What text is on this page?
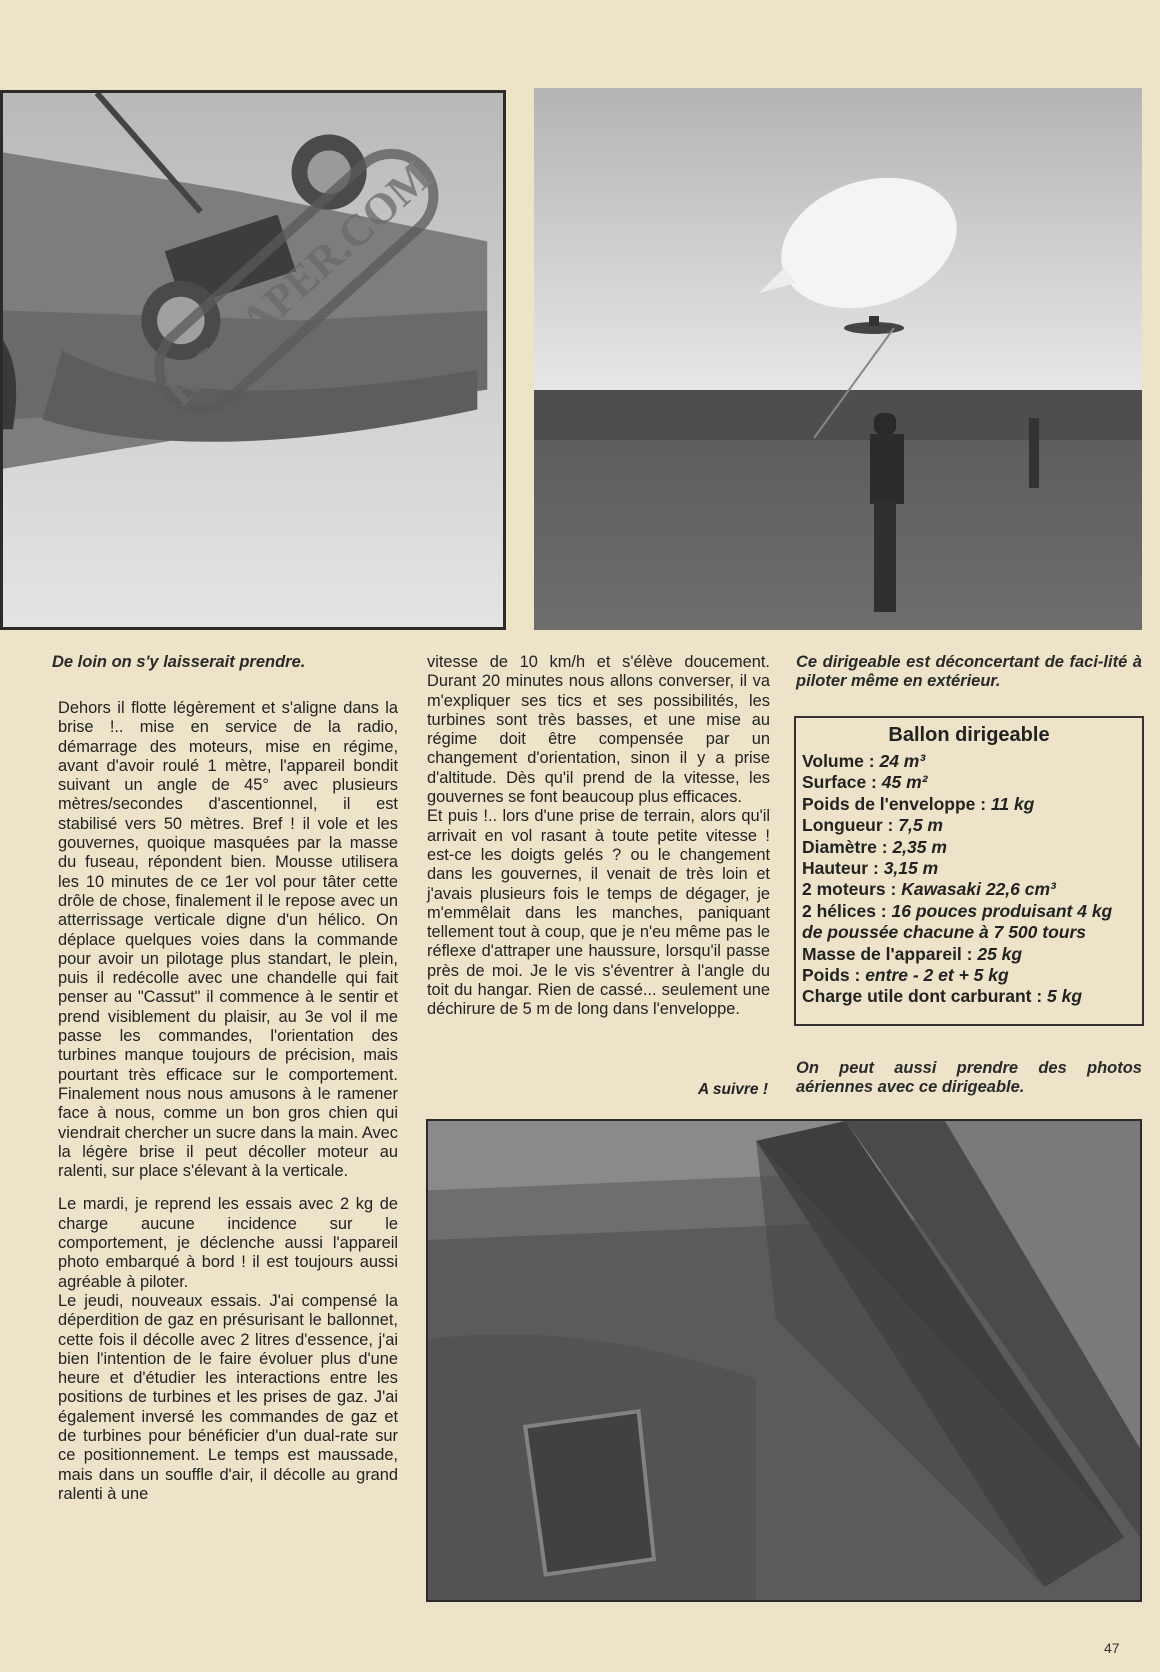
RC-PAPER.COM
De loin on s'y laisserait prendre.	Ce dirigeable est déconcertant de faci-lité à piloter même en extérieur.
On peut aussi prendre des photos aériennes avec ce dirigeable.

Dehors il flotte légèrement et s'aligne dans la brise !.. mise en service de la radio, démarrage des moteurs, mise en régime, avant d'avoir roulé 1 mètre, l'appareil bondit suivant un angle de 45° avec plusieurs mètres/secondes d'ascentionnel, il est stabilisé vers 50 mètres. Bref ! il vole et les gouvernes, quoique masquées par la masse du fuseau, répondent bien. Mousse utilisera les 10 minutes de ce 1er vol pour tâter cette drôle de chose, finalement il le repose avec un atterrissage verticale digne d'un hélico. On déplace quelques voies dans la commande pour avoir un pilotage plus standart, le plein, puis il redécolle avec une chandelle qui fait penser au "Cassut" il commence à le sentir et prend visiblement du plaisir, au 3e vol il me passe les commandes, l'orientation des turbines manque toujours de précision, mais pourtant très efficace sur le comportement. Finalement nous nous amusons à le ramener face à nous, comme un bon gros chien qui viendrait chercher un sucre dans la main. Avec la légère brise il peut décoller moteur au ralenti, sur place s'élevant à la verticale.

Le mardi, je reprend les essais avec 2 kg de charge aucune incidence sur le comportement, je déclenche aussi l'appareil photo embarqué à bord ! il est toujours aussi agréable à piloter.

Le jeudi, nouveaux essais. J'ai compensé la déperdition de gaz en présurisant le ballonnet, cette fois il décolle avec 2 litres d'essence, j'ai bien l'intention de le faire évoluer plus d'une heure et d'étudier les interactions entre les positions de turbines et les prises de gaz. J'ai également inversé les commandes de gaz et de turbines pour bénéficier d'un dual-rate sur ce positionnement. Le temps est maussade, mais dans un souffle d'air, il décolle au grand ralenti à une

vitesse de 10 km/h et s'élève doucement. Durant 20 minutes nous allons converser, il va m'expliquer ses tics et ses possibilités, les turbines sont très basses, et une mise au régime doit être compensée par un changement d'orientation, sinon il y a prise d'altitude. Dès qu'il prend de la vitesse, les gouvernes se font beaucoup plus efficaces.

Et puis !.. lors d'une prise de terrain, alors qu'il arrivait en vol rasant à toute petite vitesse ! est-ce les doigts gelés ? ou le changement dans les gouvernes, il venait de très loin et j'avais plusieurs fois le temps de dégager, je m'emmêlait dans les manches, paniquant tellement tout à coup, que je n'eu même pas le réflexe d'attraper une haussure, lorsqu'il passe près de moi. Je le vis s'éventrer à l'angle du toit du hangar. Rien de cassé... seulement une déchirure de 5 m de long dans l'enveloppe.

A suivre !
Ballon dirigeable
Volume : 24 m³
Surface : 45 m²
Poids de l'enveloppe : 11 kg
Longueur : 7,5 m
Diamètre : 2,35 m
Hauteur : 3,15 m
2 moteurs : Kawasaki 22,6 cm³
2 hélices : 16 pouces produisant 4 kg
de poussée chacune à 7 500 tours
Masse de l'appareil : 25 kg
Poids : entre - 2 et + 5 kg
Charge utile dont carburant : 5 kg
47
